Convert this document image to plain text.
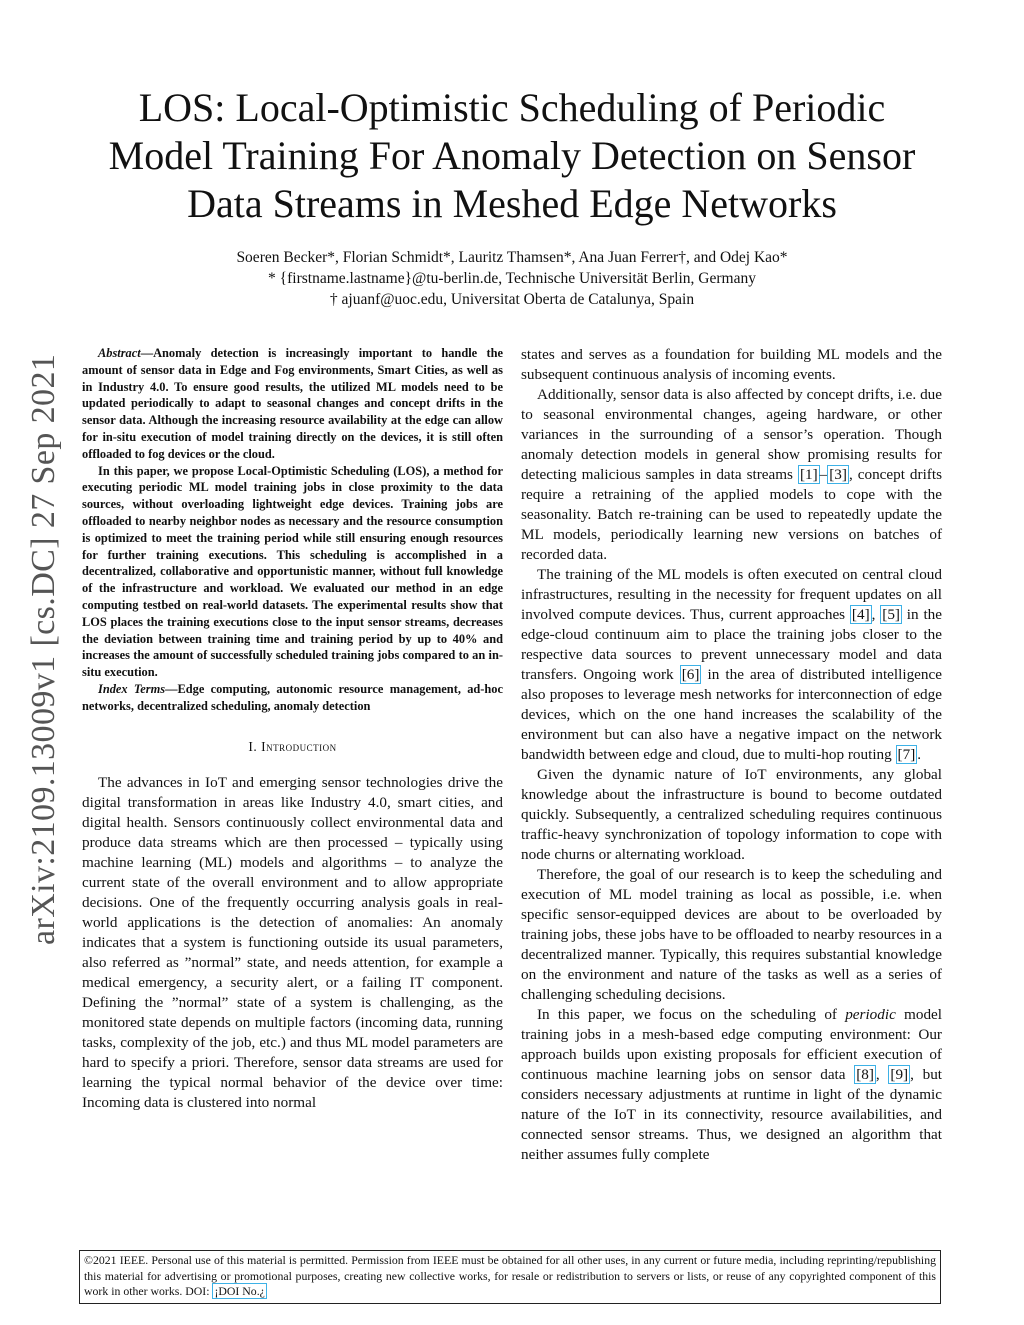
arXiv:2109.13009v1 [cs.DC] 27 Sep 2021
LOS: Local-Optimistic Scheduling of Periodic
Model Training For Anomaly Detection on Sensor
Data Streams in Meshed Edge Networks
Soeren Becker*, Florian Schmidt*, Lauritz Thamsen*, Ana Juan Ferrer†, and Odej Kao*
* {firstname.lastname}@tu-berlin.de, Technische Universität Berlin, Germany
† ajuanf@uoc.edu, Universitat Oberta de Catalunya, Spain

Abstract—Anomaly detection is increasingly important to handle the amount of sensor data in Edge and Fog environments, Smart Cities, as well as in Industry 4.0. To ensure good results, the utilized ML models need to be updated periodically to adapt to seasonal changes and concept drifts in the sensor data. Although the increasing resource availability at the edge can allow for in-situ execution of model training directly on the devices, it is still often offloaded to fog devices or the cloud.

In this paper, we propose Local-Optimistic Scheduling (LOS), a method for executing periodic ML model training jobs in close proximity to the data sources, without overloading lightweight edge devices. Training jobs are offloaded to nearby neighbor nodes as necessary and the resource consumption is optimized to meet the training period while still ensuring enough resources for further training executions. This scheduling is accomplished in a decentralized, collaborative and opportunistic manner, without full knowledge of the infrastructure and workload. We evaluated our method in an edge computing testbed on real-world datasets. The experimental results show that LOS places the training executions close to the input sensor streams, decreases the deviation between training time and training period by up to 40% and increases the amount of successfully scheduled training jobs compared to an in-situ execution.

Index Terms—Edge computing, autonomic resource management, ad-hoc networks, decentralized scheduling, anomaly detection

I. Introduction

The advances in IoT and emerging sensor technologies drive the digital transformation in areas like Industry 4.0, smart cities, and digital health. Sensors continuously collect environmental data and produce data streams which are then processed – typically using machine learning (ML) models and algorithms – to analyze the current state of the overall environment and to allow appropriate decisions. One of the frequently occurring analysis goals in real-world applications is the detection of anomalies: An anomaly indicates that a system is functioning outside its usual parameters, also referred as ”normal” state, and needs attention, for example a medical emergency, a security alert, or a failing IT component. Defining the ”normal” state of a system is challenging, as the monitored state depends on multiple factors (incoming data, running tasks, complexity of the job, etc.) and thus ML model parameters are hard to specify a priori. Therefore, sensor data streams are used for learning the typical normal behavior of the device over time: Incoming data is clustered into normal

states and serves as a foundation for building ML models and the subsequent continuous analysis of incoming events.

Additionally, sensor data is also affected by concept drifts, i.e. due to seasonal environmental changes, ageing hardware, or other variances in the surrounding of a sensor’s operation. Though anomaly detection models in general show promising results for detecting malicious samples in data streams [1] – [3] , concept drifts require a retraining of the applied models to cope with the seasonality. Batch re-training can be used to repeatedly update the ML models, periodically learning new versions on batches of recorded data.

The training of the ML models is often executed on central cloud infrastructures, resulting in the necessity for frequent updates on all involved compute devices. Thus, current approaches [4] , [5] in the edge-cloud continuum aim to place the training jobs closer to the respective data sources to prevent unnecessary model and data transfers. Ongoing work [6] in the area of distributed intelligence also proposes to leverage mesh networks for interconnection of edge devices, which on the one hand increases the scalability of the environment but can also have a negative impact on the network bandwidth between edge and cloud, due to multi-hop routing [7] .

Given the dynamic nature of IoT environments, any global knowledge about the infrastructure is bound to become outdated quickly. Subsequently, a centralized scheduling requires continuous traffic-heavy synchronization of topology information to cope with node churns or alternating workload.

Therefore, the goal of our research is to keep the scheduling and execution of ML model training as local as possible, i.e. when specific sensor-equipped devices are about to be overloaded by training jobs, these jobs have to be offloaded to nearby resources in a decentralized manner. Typically, this requires substantial knowledge on the environment and nature of the tasks as well as a series of challenging scheduling decisions.

In this paper, we focus on the scheduling of periodic model training jobs in a mesh-based edge computing environment: Our approach builds upon existing proposals for efficient execution of continuous machine learning jobs on sensor data [8] , [9] , but considers necessary adjustments at runtime in light of the dynamic nature of the IoT in its connectivity, resource availabilities, and connected sensor streams. Thus, we designed an algorithm that neither assumes fully complete

©2021 IEEE. Personal use of this material is permitted. Permission from IEEE must be obtained for all other uses, in any current or future media, including reprinting/republishing this material for advertising or promotional purposes, creating new collective works, for resale or redistribution to servers or lists, or reuse of any copyrighted component of this work in other works. DOI: ¡DOI No.¿
